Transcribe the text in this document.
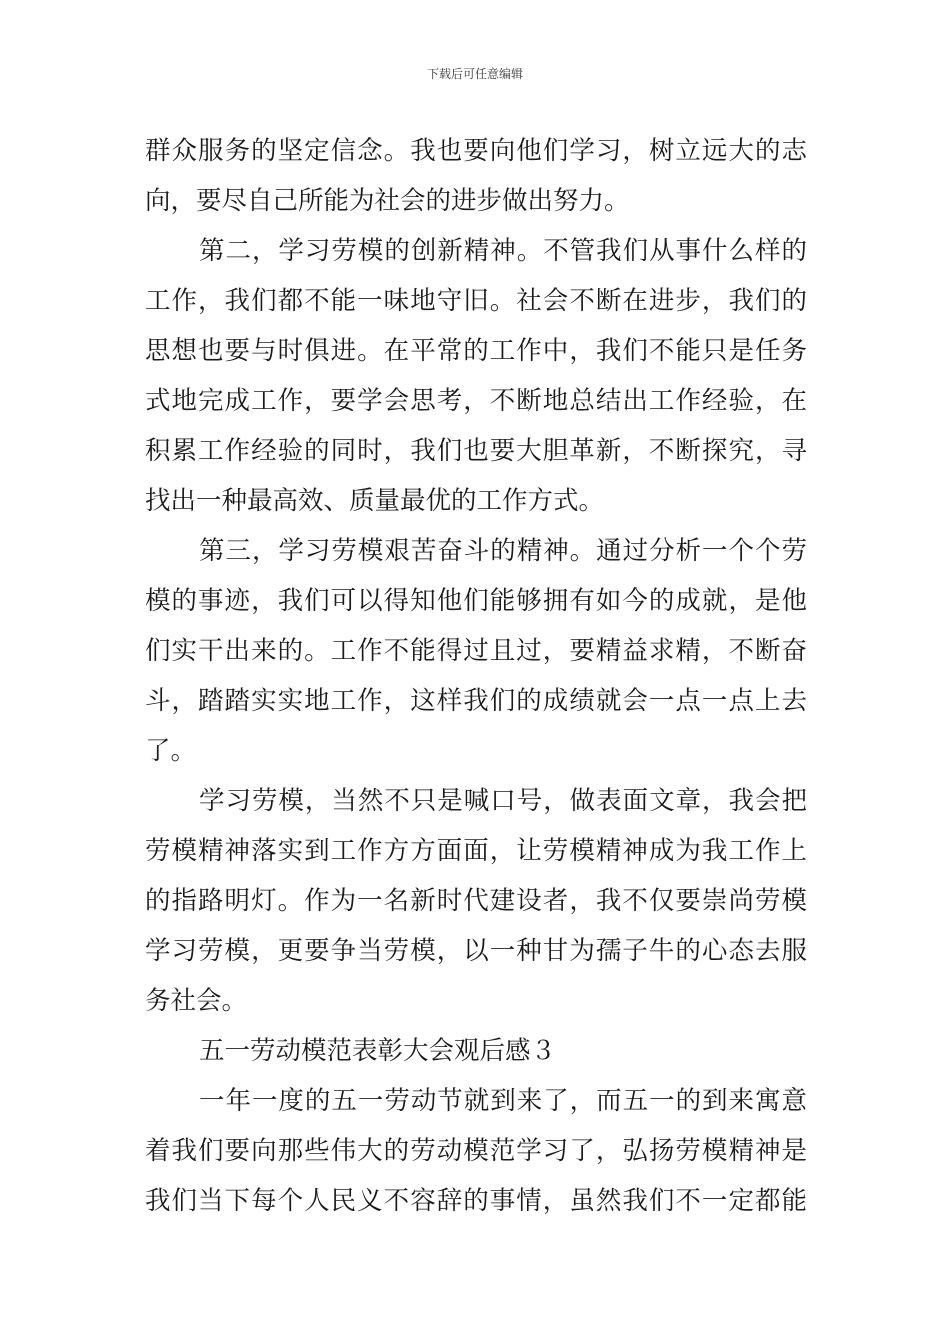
下载后可任意编辑
群众服务的坚定信念。我也要向他们学习，树立远大的志
向，要尽自己所能为社会的进步做出努力。
第二，学习劳模的创新精神。不管我们从事什么样的
工作，我们都不能一味地守旧。社会不断在进步，我们的
思想也要与时俱进。在平常的工作中，我们不能只是任务
式地完成工作，要学会思考，不断地总结出工作经验，在
积累工作经验的同时，我们也要大胆革新，不断探究，寻
找出一种最高效、质量最优的工作方式。
第三，学习劳模艰苦奋斗的精神。通过分析一个个劳
模的事迹，我们可以得知他们能够拥有如今的成就，是他
们实干出来的。工作不能得过且过，要精益求精，不断奋
斗，踏踏实实地工作，这样我们的成绩就会一点一点上去
了。
学习劳模，当然不只是喊口号，做表面文章，我会把
劳模精神落实到工作方方面面，让劳模精神成为我工作上
的指路明灯。作为一名新时代建设者，我不仅要崇尚劳模
学习劳模，更要争当劳模，以一种甘为孺子牛的心态去服
务社会。
五一劳动模范表彰大会观后感３
一年一度的五一劳动节就到来了，而五一的到来寓意
着我们要向那些伟大的劳动模范学习了，弘扬劳模精神是
我们当下每个人民义不容辞的事情，虽然我们不一定都能
